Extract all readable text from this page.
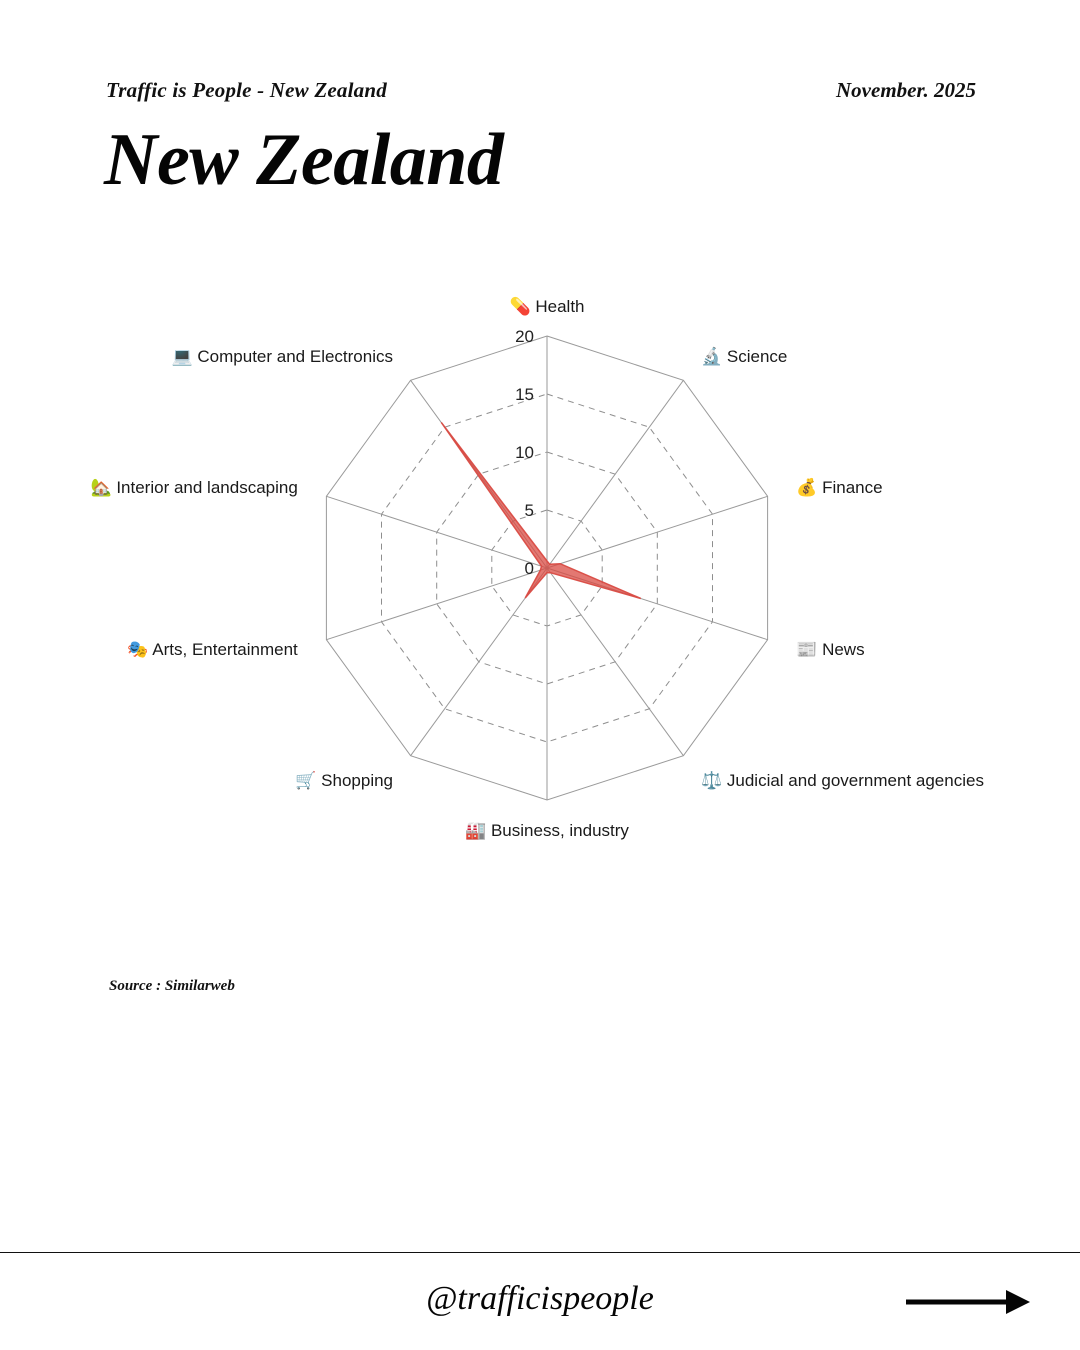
Traffic is People - New Zealand	November. 2025
New Zealand
0
5
10
15
20
💊 Health
🔬 Science
💰 Finance
📰 News
⚖️ Judicial and government agencies
🏭 Business, industry
🛒 Shopping
🎭 Arts, Entertainment
🏡 Interior and landscaping
💻 Computer and Electronics
Source : Similarweb
@trafficispeople
